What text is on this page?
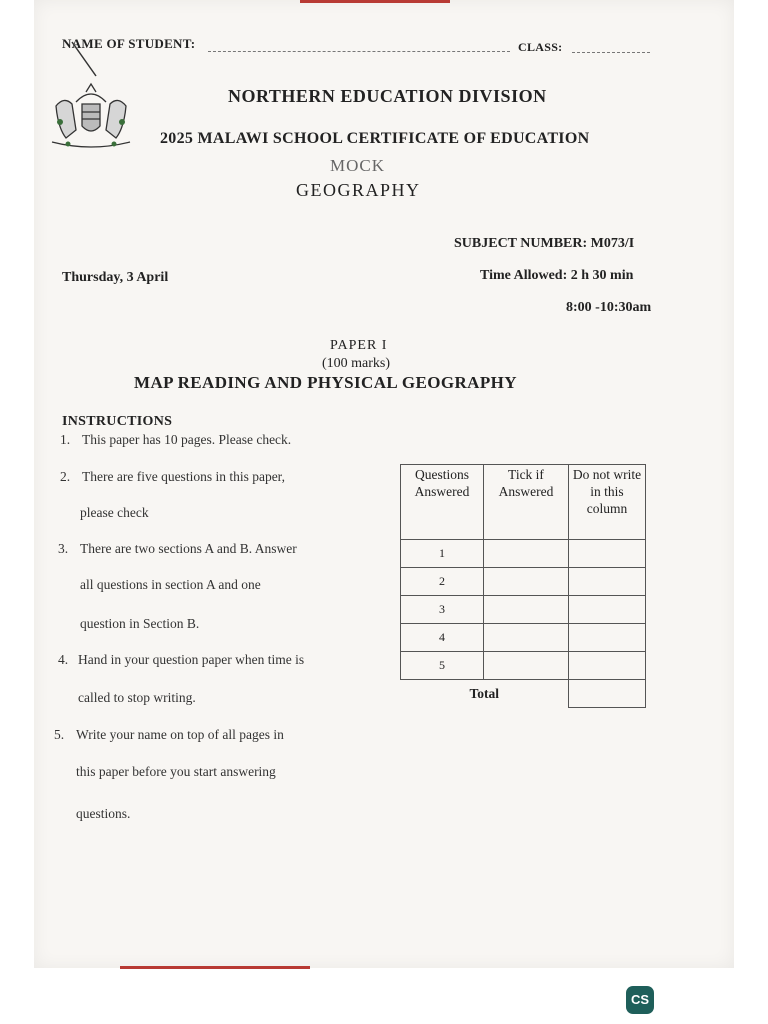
NAME OF STUDENT:	CLASS:
NORTHERN EDUCATION DIVISION
2025 MALAWI SCHOOL CERTIFICATE OF EDUCATION
MOCK
GEOGRAPHY
SUBJECT NUMBER: M073/I
Thursday, 3 April	Time Allowed: 2 h 30 min
8:00 -10:30am
PAPER I
(100 marks)
MAP READING AND PHYSICAL GEOGRAPHY
INSTRUCTIONS
1. This paper has 10 pages. Please check.
2. There are five questions in this paper,
please check
3. There are two sections A and B. Answer
all questions in section A and one
question in Section B.
4. Hand in your question paper when time is
called to stop writing.
5. Write your name on top of all pages in
this paper before you start answering
questions.
Questions Answered	Tick if Answered	Do not write in this column
1		
2		
3		
4		
5		
Total		
CS
